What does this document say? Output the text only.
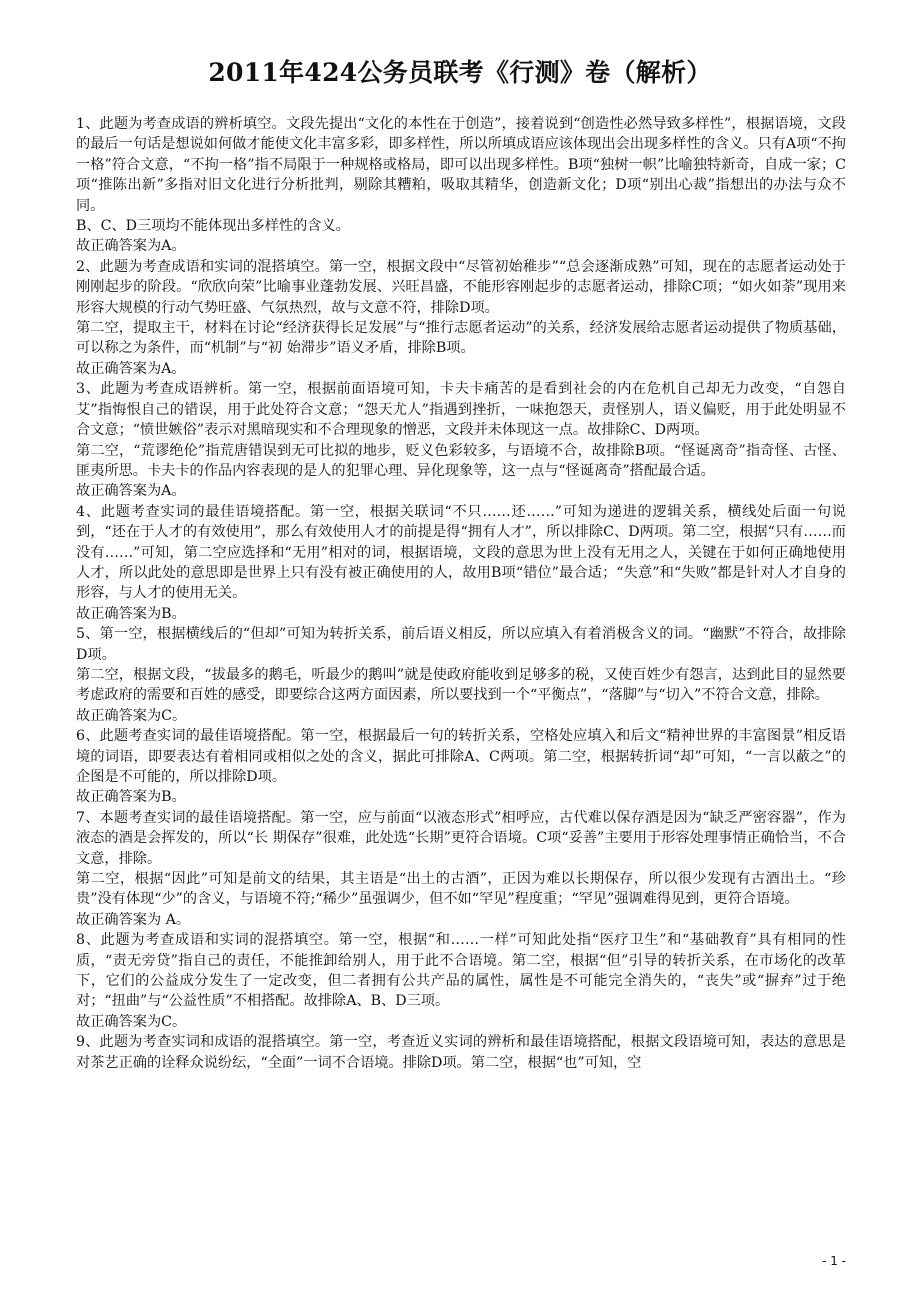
2011年424公务员联考《行测》卷（解析）

1、此题为考查成语的辨析填空。文段先提出“文化的本性在于创造”，接着说到“创造性必然导致多样性”，根据语境，文段的最后一句话是想说如何做才能使文化丰富多彩，即多样性，所以所填成语应该体现出会出现多样性的含义。只有A项“不拘一格”符合文意，“不拘一格”指不局限于一种规格或格局，即可以出现多样性。B项“独树一帜”比喻独特新奇，自成一家；C项“推陈出新”多指对旧文化进行分析批判，剔除其糟粕，吸取其精华，创造新文化；D项“别出心裁”指想出的办法与众不同。

B、C、D三项均不能体现出多样性的含义。

故正确答案为A。

2、此题为考查成语和实词的混搭填空。第一空，根据文段中“尽管初始稚步”“总会逐渐成熟”可知，现在的志愿者运动处于刚刚起步的阶段。“欣欣向荣”比喻事业蓬勃发展、兴旺昌盛，不能形容刚起步的志愿者运动，排除C项；“如火如荼”现用来形容大规模的行动气势旺盛、气氛热烈，故与文意不符，排除D项。

第二空，提取主干，材料在讨论“经济获得长足发展”与“推行志愿者运动”的关系，经济发展给志愿者运动提供了物质基础，可以称之为条件，而“机制”与“初 始滞步”语义矛盾，排除B项。

故正确答案为A。

3、此题为考查成语辨析。第一空，根据前面语境可知，卡夫卡痛苦的是看到社会的内在危机自己却无力改变，“自怨自艾”指悔恨自己的错误，用于此处符合文意；“怨天尤人”指遇到挫折，一味抱怨天，责怪别人，语义偏贬，用于此处明显不合文意；“愤世嫉俗”表示对黑暗现实和不合理现象的憎恶，文段并未体现这一点。故排除C、D两项。

第二空，“荒谬绝伦”指荒唐错误到无可比拟的地步，贬义色彩较多，与语境不合，故排除B项。“怪诞离奇”指奇怪、古怪、匪夷所思。卡夫卡的作品内容表现的是人的犯罪心理、异化现象等，这一点与“怪诞离奇”搭配最合适。

故正确答案为A。

4、此题考查实词的最佳语境搭配。第一空，根据关联词“不只……还……”可知为递进的逻辑关系，横线处后面一句说到，“还在于人才的有效使用”，那么有效使用人才的前提是得“拥有人才”，所以排除C、D两项。第二空，根据“只有……而没有……”可知，第二空应选择和“无用”相对的词，根据语境，文段的意思为世上没有无用之人，关键在于如何正确地使用人才，所以此处的意思即是世界上只有没有被正确使用的人，故用B项“错位”最合适；“失意”和“失败”都是针对人才自身的形容，与人才的使用无关。

故正确答案为B。

5、第一空，根据横线后的“但却”可知为转折关系，前后语义相反，所以应填入有着消极含义的词。“幽默”不符合，故排除D项。

第二空，根据文段，“拔最多的鹅毛，听最少的鹅叫”就是使政府能收到足够多的税，又使百姓少有怨言，达到此目的显然要考虑政府的需要和百姓的感受，即要综合这两方面因素，所以要找到一个“平衡点”，“落脚”与“切入”不符合文意，排除。

故正确答案为C。

6、此题考查实词的最佳语境搭配。第一空，根据最后一句的转折关系，空格处应填入和后文“精神世界的丰富图景”相反语境的词语，即要表达有着相同或相似之处的含义，据此可排除A、C两项。第二空，根据转折词“却”可知，“一言以蔽之”的企图是不可能的，所以排除D项。

故正确答案为B。

7、本题考查实词的最佳语境搭配。第一空，应与前面“以液态形式”相呼应，古代难以保存酒是因为“缺乏严密容器”，作为液态的酒是会挥发的，所以“长 期保存”很难，此处选“长期”更符合语境。C项“妥善”主要用于形容处理事情正确恰当，不合文意，排除。

第二空，根据“因此”可知是前文的结果，其主语是“出土的古酒”，正因为难以长期保存，所以很少发现有古酒出土。“珍贵”没有体现“少”的含义，与语境不符;“稀少”虽强调少，但不如“罕见”程度重；“罕见”强调难得见到，更符合语境。

故正确答案为 A。

8、此题为考查成语和实词的混搭填空。第一空，根据“和……一样”可知此处指“医疗卫生”和“基础教育”具有相同的性质，“责无旁贷”指自己的责任，不能推卸给别人，用于此不合语境。第二空，根据“但”引导的转折关系，在市场化的改革下，它们的公益成分发生了一定改变，但二者拥有公共产品的属性，属性是不可能完全消失的，“丧失”或“摒弃”过于绝对；“扭曲”与“公益性质”不相搭配。故排除A、B、D三项。

故正确答案为C。

9、此题为考查实词和成语的混搭填空。第一空，考查近义实词的辨析和最佳语境搭配，根据文段语境可知，表达的意思是对茶艺正确的诠释众说纷纭，“全面”一词不合语境。排除D项。第二空，根据“也”可知，空

- 1 -
